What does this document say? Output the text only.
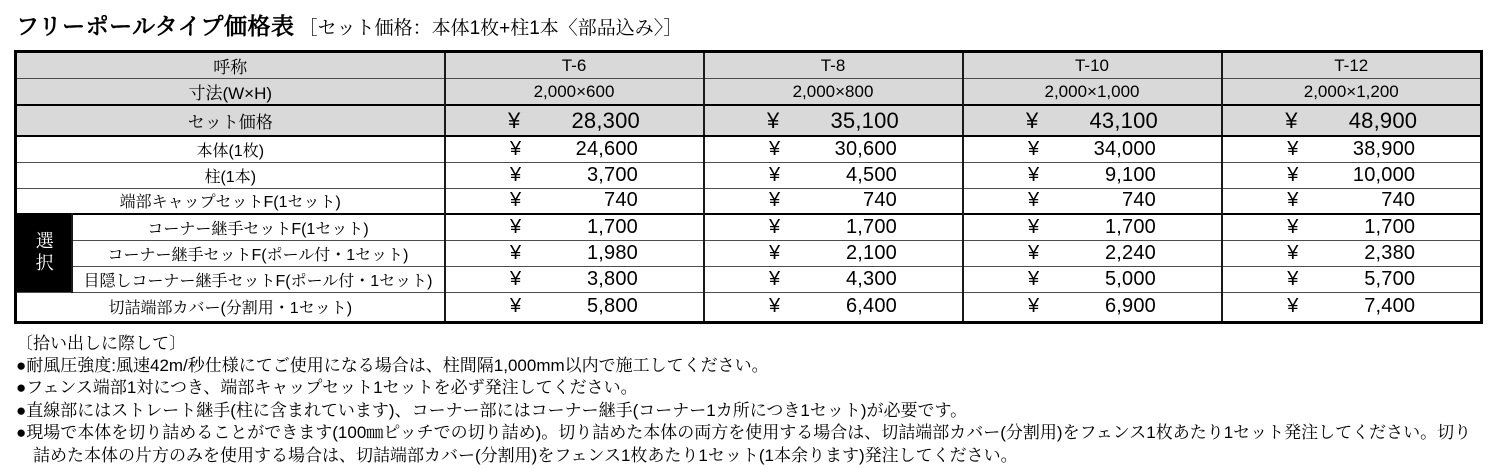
フリーポールタイプ価格表 ［セット価格：本体1枚+柱1本〈部品込み〉］
呼称		T-6	T-8	T-10	T-12
寸法(W×H)		2,000×600	2,000×800	2,000×1,000	2,000×1,200
セット価格		¥ 28,300	¥ 35,100	¥ 43,100	¥ 48,900

本体(1枚)		¥ 24,600	¥ 30,600	¥ 34,000	¥ 38,900

柱(1本)		¥ 3,700	¥ 4,500	¥ 9,100	¥ 10,000

端部キャップセットF(1セット)		¥ 740	¥ 740	¥ 740	¥ 740

選択	コーナー継手セットF(1セット)	¥ 1,700	¥ 1,700	¥ 1,700	¥ 1,700

	コーナー継手セットF(ポール付・1セット)	¥ 1,980	¥ 2,100	¥ 2,240	¥ 2,380

	目隠しコーナー継手セットF(ポール付・1セット)	¥ 3,800	¥ 4,300	¥ 5,000	¥ 5,700

切詰端部カバー(分割用・1セット)		¥ 5,800	¥ 6,400	¥ 6,900	¥ 7,400

〔拾い出しに際して〕

●耐風圧強度:風速42m/秒仕様にてご使用になる場合は、柱間隔1,000mm以内で施工してください。

●フェンス端部1対につき、端部キャップセット1セットを必ず発注してください。

●直線部にはストレート継手(柱に含まれています)、コーナー部にはコーナー継手(コーナー1カ所につき1セット)が必要です。

●現場で本体を切り詰めることができます(100㎜ピッチでの切り詰め)。切り詰めた本体の両方を使用する場合は、切詰端部カバー(分割用)をフェンス1枚あたり1セット発注してください。切り詰めた本体の片方のみを使用する場合は、切詰端部カバー(分割用)をフェンス1枚あたり1セット(1本余ります)発注してください。
